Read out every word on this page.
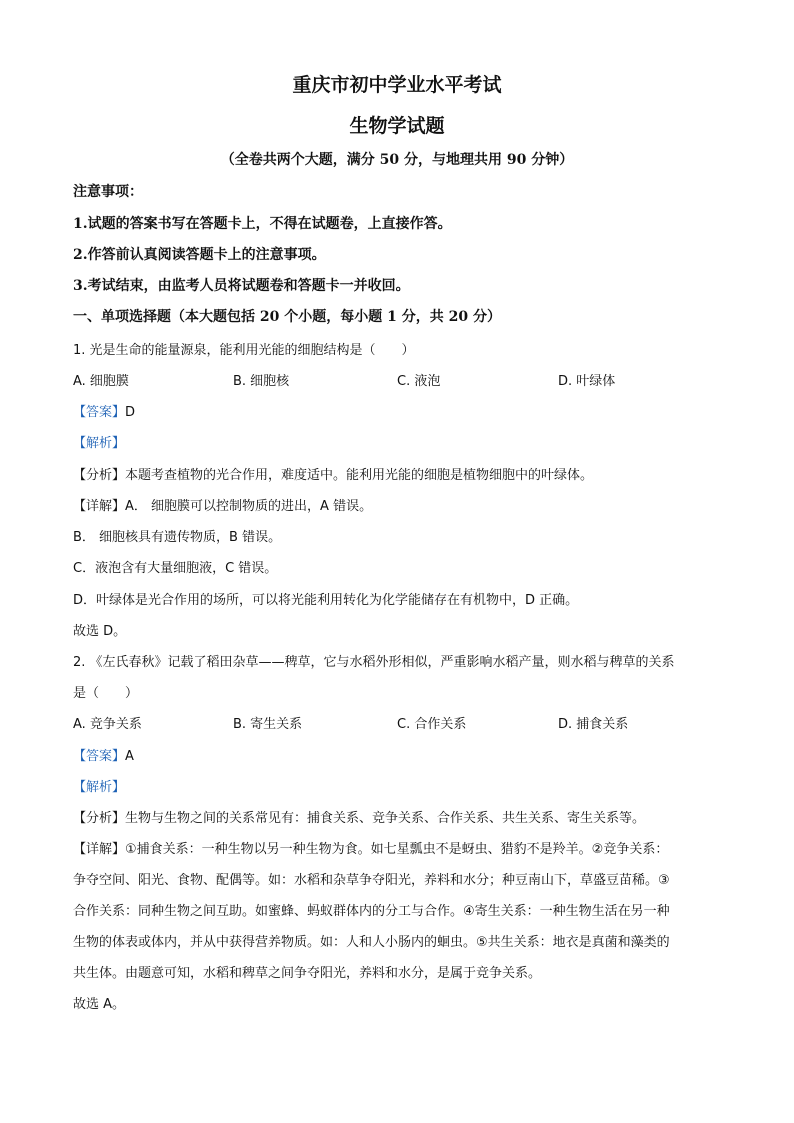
重庆市初中学业水平考试
生物学试题
（全卷共两个大题，满分 50 分，与地理共用 90 分钟）
注意事项：
1.试题的答案书写在答题卡上，不得在试题卷，上直接作答。
2.作答前认真阅读答题卡上的注意事项。
3.考试结束，由监考人员将试题卷和答题卡一并收回。
一、单项选择题（本大题包括 20 个小题，每小题 1 分，共 20 分）
1. 光是生命的能量源泉，能利用光能的细胞结构是（　　）
A. 细胞膜	B. 细胞核	C. 液泡	D. 叶绿体
【答案】D
【解析】
【分析】本题考查植物的光合作用，难度适中。能利用光能的细胞是植物细胞中的叶绿体。
【详解】A． 细胞膜可以控制物质的进出，A 错误。
B． 细胞核具有遗传物质，B 错误。
C．液泡含有大量细胞液，C 错误。
D．叶绿体是光合作用的场所，可以将光能利用转化为化学能储存在有机物中，D 正确。
故选 D。
2. 《左氏春秋》记载了稻田杂草——稗草，它与水稻外形相似，严重影响水稻产量，则水稻与稗草的关系
是（　　）
A. 竞争关系	B. 寄生关系	C. 合作关系	D. 捕食关系
【答案】A
【解析】
【分析】生物与生物之间的关系常见有：捕食关系、竞争关系、合作关系、共生关系、寄生关系等。
【详解】①捕食关系：一种生物以另一种生物为食。如七星瓢虫不是蚜虫、猎豹不是羚羊。②竞争关系：
争夺空间、阳光、食物、配偶等。如：水稻和杂草争夺阳光，养料和水分；种豆南山下，草盛豆苗稀。③
合作关系：同种生物之间互助。如蜜蜂、蚂蚁群体内的分工与合作。④寄生关系：一种生物生活在另一种
生物的体表或体内，并从中获得营养物质。如：人和人小肠内的蛔虫。⑤共生关系：地衣是真菌和藻类的
共生体。由题意可知，水稻和稗草之间争夺阳光，养料和水分，是属于竞争关系。
故选 A。
